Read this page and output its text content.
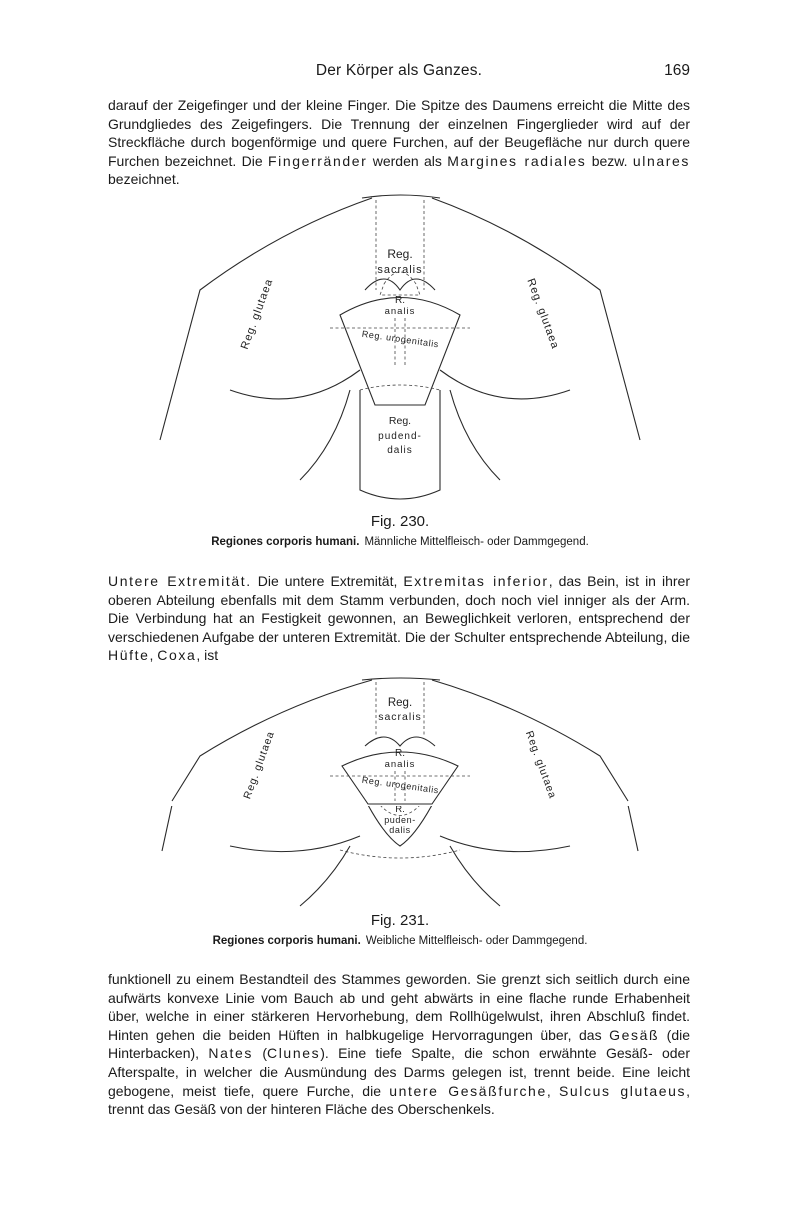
Der Körper als Ganzes.	169

darauf der Zeigefinger und der kleine Finger. Die Spitze des Daumens erreicht die Mitte des Grundgliedes des Zeigefingers. Die Trennung der einzelnen Fingerglieder wird auf der Streckfläche durch bogenförmige und quere Furchen, auf der Beugefläche nur durch quere Furchen bezeichnet. Die Fingerränder werden als Margines radiales bezw. ulnares bezeichnet.

Reg.
sacralis
R.
analis
Reg. urogenitalis
Reg.
pudend-
dalis
Reg. glutaea	Reg. glutaea
Fig. 230.
Regiones corporis humani. Männliche Mittelfleisch- oder Dammgegend.

Untere Extremität. Die untere Extremität, Extremitas inferior, das Bein, ist in ihrer oberen Abteilung ebenfalls mit dem Stamm verbunden, doch noch viel inniger als der Arm. Die Verbindung hat an Festigkeit gewonnen, an Beweglichkeit verloren, entsprechend der verschiedenen Aufgabe der unteren Extremität. Die der Schulter entsprechende Abteilung, die Hüfte, Coxa, ist

Reg.
sacralis
R.
analis
Reg. urogenitalis
Reg. glutaea	Reg. glutaea
R.
puden-
dalis
Fig. 231.
Regiones corporis humani. Weibliche Mittelfleisch- oder Dammgegend.

funktionell zu einem Bestandteil des Stammes geworden. Sie grenzt sich seitlich durch eine aufwärts konvexe Linie vom Bauch ab und geht abwärts in eine flache runde Erhabenheit über, welche in einer stärkeren Hervorhebung, dem Rollhügelwulst, ihren Abschluß findet. Hinten gehen die beiden Hüften in halbkugelige Hervorragungen über, das Gesäß (die Hinterbacken), Nates (Clunes). Eine tiefe Spalte, die schon erwähnte Gesäß- oder Afterspalte, in welcher die Ausmündung des Darms gelegen ist, trennt beide. Eine leicht gebogene, meist tiefe, quere Furche, die untere Gesäßfurche, Sulcus glutaeus, trennt das Gesäß von der hinteren Fläche des Oberschenkels.
